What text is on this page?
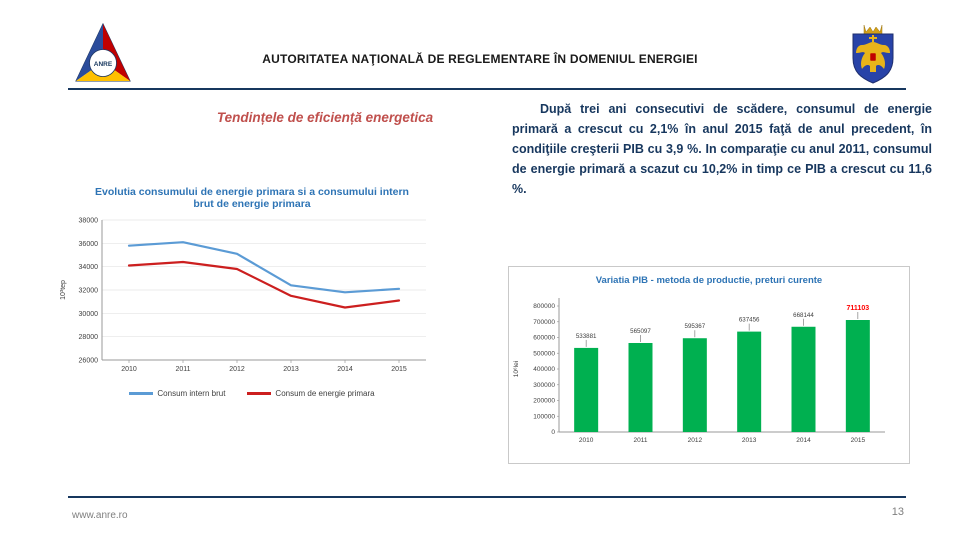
ANRE	AUTORITATEA NAŢIONALĂ DE REGLEMENTARE ÎN DOMENIUL ENERGIEI
Tendințele de eficiență energetica
După trei ani consecutivi de scădere, consumul de energie primară a crescut cu 2,1% în anul 2015 faţă de anul precedent, în condiţiile creşterii PIB cu 3,9 %. In comparaţie cu anul 2011, consumul de energie primară a scazut cu 10,2% in timp ce PIB a crescut cu 11,6 %.
Evolutia consumului de energie primara si a consumului intern brut de energie primara
26000
28000
30000
32000
34000
36000
38000
2010	2011	2012	2013	2014	2015
10³tep
Consum intern brut	Consum de energie primara
Variatia PIB - metoda de productie, preturi curente
0
100000
200000
300000
400000
500000
600000
700000
800000
10⁶lei
2010
533881
2011
565097
2012
595367
2013
637456
2014
668144
2015
711103
www.anre.ro	13
